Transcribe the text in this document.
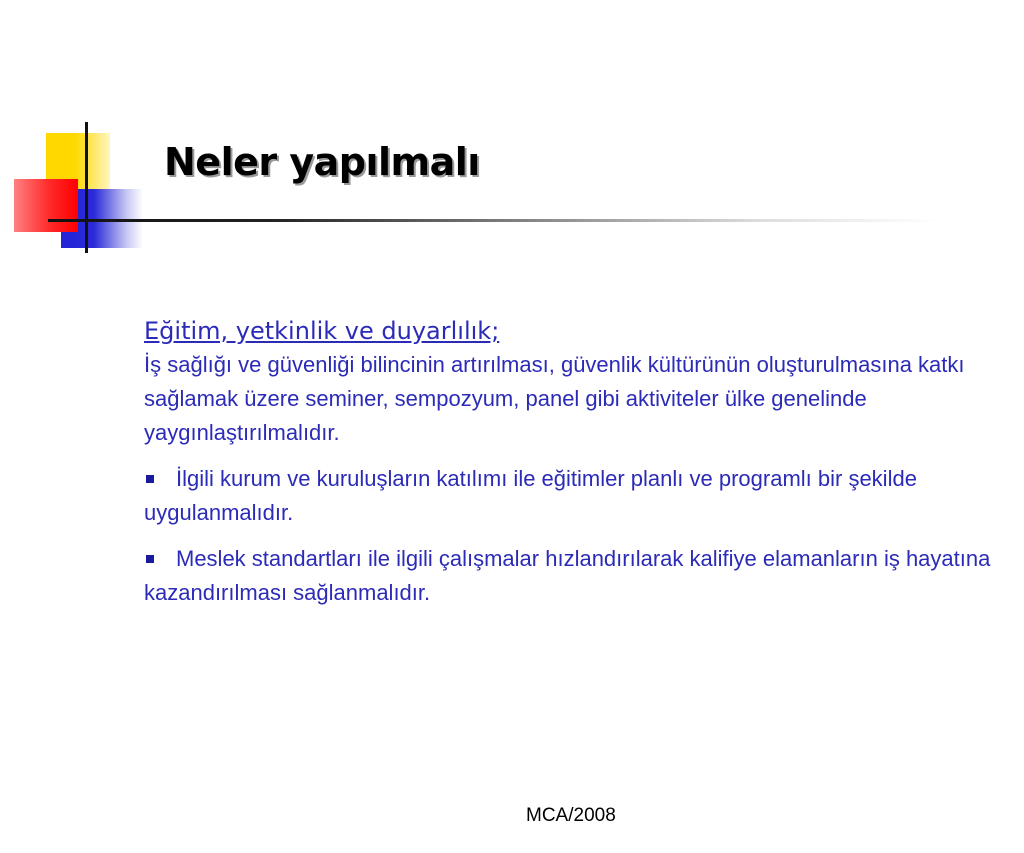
Neler yapılmalı
Eğitim, yetkinlik ve duyarlılık;

İş sağlığı ve güvenliği bilincinin artırılması, güvenlik kültürünün oluşturulmasına katkı sağlamak üzere seminer, sempozyum, panel gibi aktiviteler ülke genelinde yaygınlaştırılmalıdır.

İlgili kurum ve kuruluşların katılımı ile eğitimler planlı ve programlı bir şekilde uygulanmalıdır.

Meslek standartları ile ilgili çalışmalar hızlandırılarak kalifiye elamanların iş hayatına kazandırılması sağlanmalıdır.

MCA/2008
